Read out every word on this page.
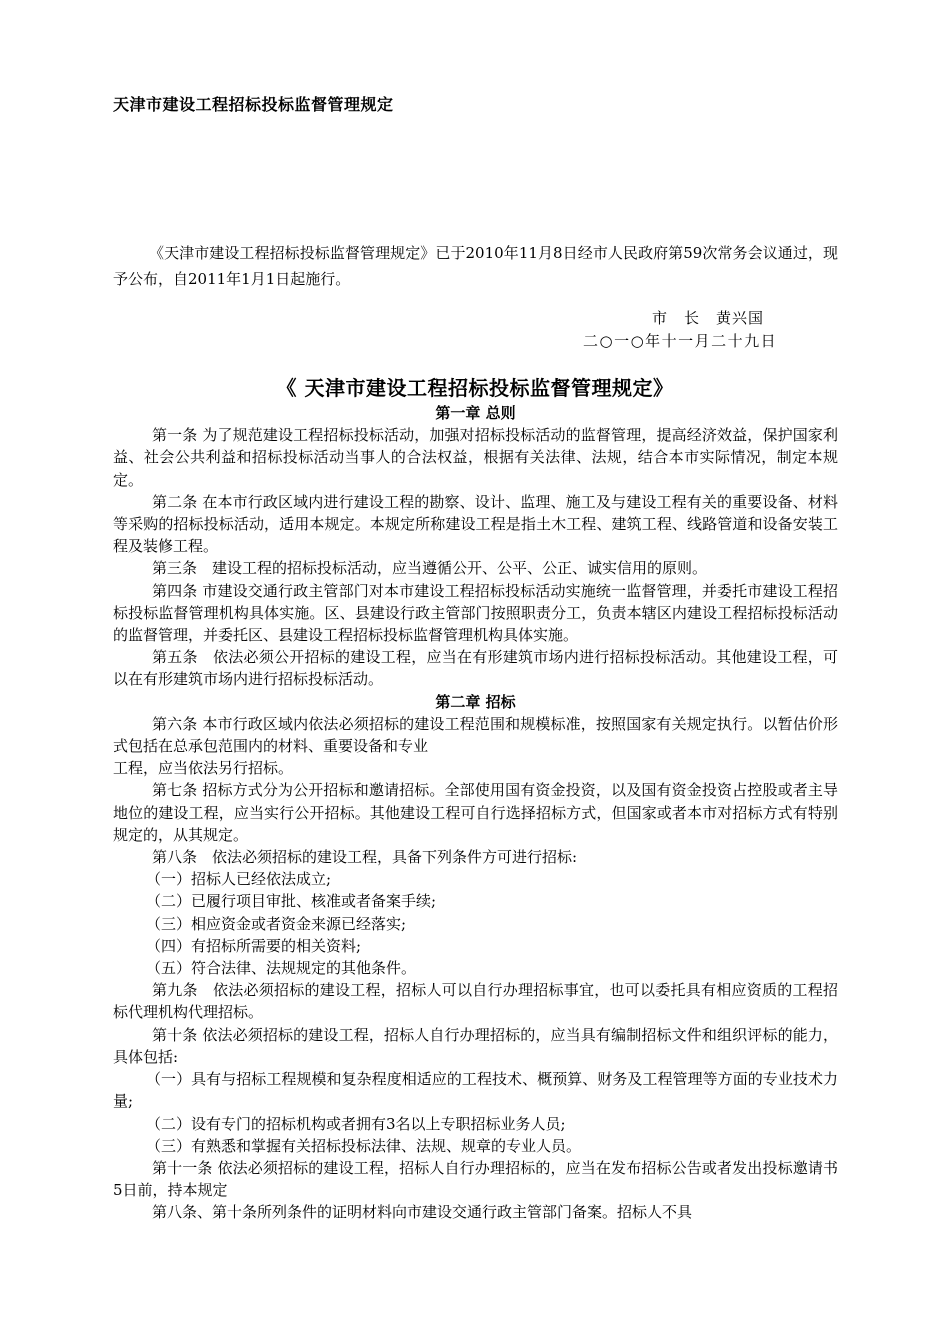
天津市建设工程招标投标监督管理规定

《天津市建设工程招标投标监督管理规定》已于2010年11月8日经市人民政府第59次常务会议通过，现予公布，自2011年1月1日起施行。

市　长　黄兴国
二○一○年十一月二十九日
《 天津市建设工程招标投标监督管理规定》

第一章 总则

第一条 为了规范建设工程招标投标活动，加强对招标投标活动的监督管理，提高经济效益，保护国家利益、社会公共利益和招标投标活动当事人的合法权益，根据有关法律、法规，结合本市实际情况，制定本规定。

第二条 在本市行政区域内进行建设工程的勘察、设计、监理、施工及与建设工程有关的重要设备、材料等采购的招标投标活动，适用本规定。本规定所称建设工程是指土木工程、建筑工程、线路管道和设备安装工程及装修工程。

第三条　建设工程的招标投标活动，应当遵循公开、公平、公正、诚实信用的原则。

第四条 市建设交通行政主管部门对本市建设工程招标投标活动实施统一监督管理，并委托市建设工程招标投标监督管理机构具体实施。区、县建设行政主管部门按照职责分工，负责本辖区内建设工程招标投标活动的监督管理，并委托区、县建设工程招标投标监督管理机构具体实施。

第五条　依法必须公开招标的建设工程，应当在有形建筑市场内进行招标投标活动。其他建设工程，可以在有形建筑市场内进行招标投标活动。

第二章 招标

第六条 本市行政区域内依法必须招标的建设工程范围和规模标准，按照国家有关规定执行。以暂估价形式包括在总承包范围内的材料、重要设备和专业

工程，应当依法另行招标。

第七条 招标方式分为公开招标和邀请招标。全部使用国有资金投资，以及国有资金投资占控股或者主导地位的建设工程，应当实行公开招标。其他建设工程可自行选择招标方式，但国家或者本市对招标方式有特别规定的，从其规定。

第八条　依法必须招标的建设工程，具备下列条件方可进行招标:

（一）招标人已经依法成立;

（二）已履行项目审批、核准或者备案手续;

（三）相应资金或者资金来源已经落实;

（四）有招标所需要的相关资料;

（五）符合法律、法规规定的其他条件。

第九条　依法必须招标的建设工程，招标人可以自行办理招标事宜，也可以委托具有相应资质的工程招标代理机构代理招标。

第十条 依法必须招标的建设工程，招标人自行办理招标的，应当具有编制招标文件和组织评标的能力，具体包括:

（一）具有与招标工程规模和复杂程度相适应的工程技术、概预算、财务及工程管理等方面的专业技术力量;

（二）设有专门的招标机构或者拥有3名以上专职招标业务人员;

（三）有熟悉和掌握有关招标投标法律、法规、规章的专业人员。

第十一条 依法必须招标的建设工程，招标人自行办理招标的，应当在发布招标公告或者发出投标邀请书5日前，持本规定

第八条、第十条所列条件的证明材料向市建设交通行政主管部门备案。招标人不具
